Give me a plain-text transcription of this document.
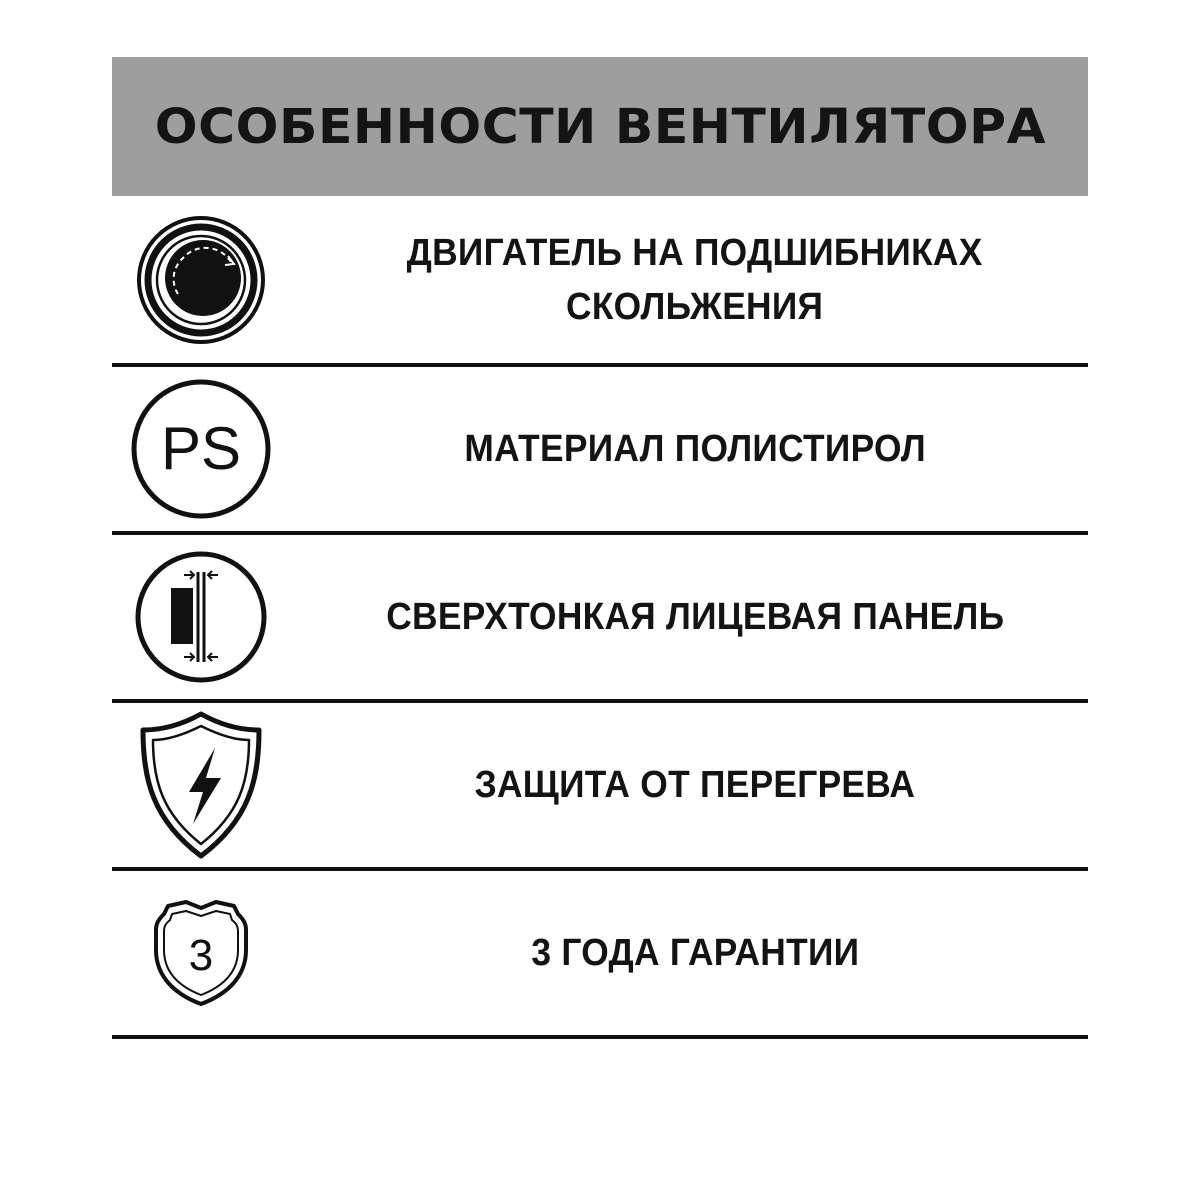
ОСОБЕННОСТИ ВЕНТИЛЯТОРА
ДВИГАТЕЛЬ НА ПОДШИБНИКАХ
СКОЛЬЖЕНИЯ
PS	МАТЕРИАЛ ПОЛИСТИРОЛ
СВЕРХТОНКАЯ ЛИЦЕВАЯ ПАНЕЛЬ
ЗАЩИТА ОТ ПЕРЕГРЕВА
3	3 ГОДА ГАРАНТИИ
